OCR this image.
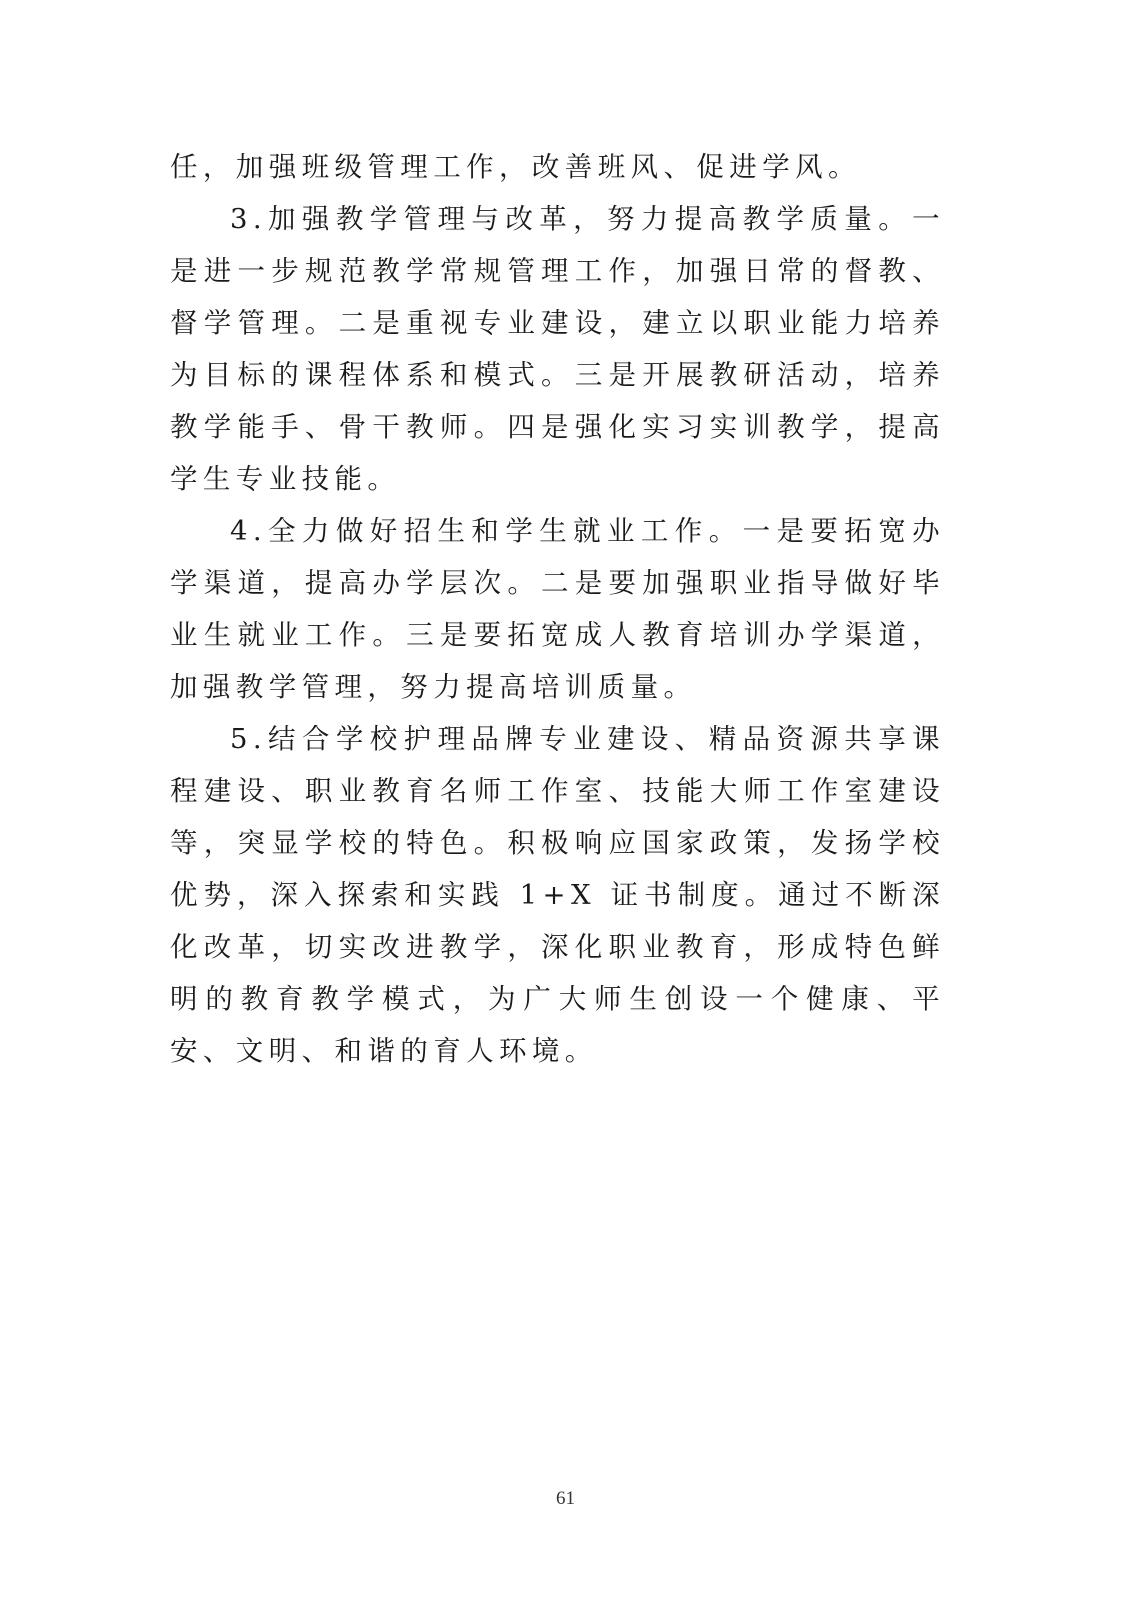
任，加强班级管理工作，改善班风、促进学风。

3.加强教学管理与改革，努力提高教学质量。一是进一步规范教学常规管理工作，加强日常的督教、督学管理。二是重视专业建设，建立以职业能力培养为目标的课程体系和模式。三是开展教研活动，培养教学能手、骨干教师。四是强化实习实训教学，提高学生专业技能。

4.全力做好招生和学生就业工作。一是要拓宽办学渠道，提高办学层次。二是要加强职业指导做好毕业生就业工作。三是要拓宽成人教育培训办学渠道，加强教学管理，努力提高培训质量。

5.结合学校护理品牌专业建设、精品资源共享课程建设、职业教育名师工作室、技能大师工作室建设等，突显学校的特色。积极响应国家政策，发扬学校优势，深入探索和实践 1+X 证书制度。通过不断深化改革，切实改进教学，深化职业教育，形成特色鲜明的教育教学模式，为广大师生创设一个健康、平安、文明、和谐的育人环境。

61
